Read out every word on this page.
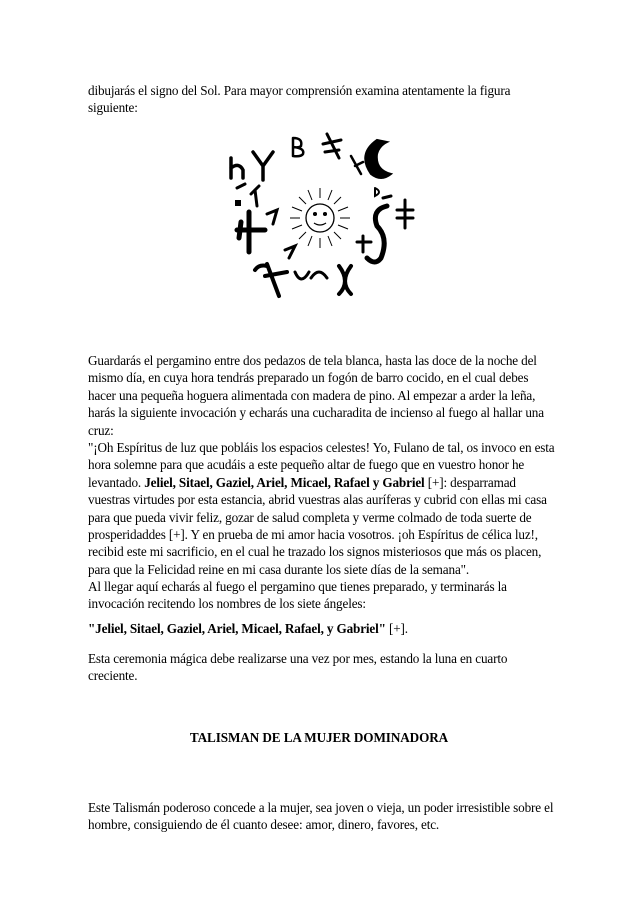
dibujarás el signo del Sol. Para mayor comprensión examina atentamente la figura
siguiente:

Guardarás el pergamino entre dos pedazos de tela blanca, hasta las doce de la noche del mismo día, en cuya hora tendrás preparado un fogón de barro cocido, en el cual debes hacer una pequeña hoguera alimentada con madera de pino. Al empezar a arder la leña, harás la siguiente invocación y echarás una cucharadita de incienso al fuego al hallar una cruz:

"¡Oh Espíritus de luz que pobláis los espacios celestes! Yo, Fulano de tal, os invoco en esta hora solemne para que acudáis a este pequeño altar de fuego que en vuestro honor he levantado. Jeliel, Sitael, Gaziel, Ariel, Micael, Rafael y Gabriel [+]: desparramad vuestras virtudes por esta estancia, abrid vuestras alas auríferas y cubrid con ellas mi casa para que pueda vivir feliz, gozar de salud completa y verme colmado de toda suerte de prosperidaddes [+]. Y en prueba de mi amor hacia vosotros. ¡oh Espíritus de célica luz!, recibid este mi sacrificio, en el cual he trazado los signos misteriosos que más os placen, para que la Felicidad reine en mi casa durante los siete días de la semana".

Al llegar aquí echarás al fuego el pergamino que tienes preparado, y terminarás la invocación recitendo los nombres de los siete ángeles:

"Jeliel, Sitael, Gaziel, Ariel, Micael, Rafael, y Gabriel" [+].

Esta ceremonia mágica debe realizarse una vez por mes, estando la luna en cuarto creciente.

TALISMAN DE LA MUJER DOMINADORA

Este Talismán poderoso concede a la mujer, sea joven o vieja, un poder irresistible sobre el hombre, consiguiendo de él cuanto desee: amor, dinero, favores, etc.
